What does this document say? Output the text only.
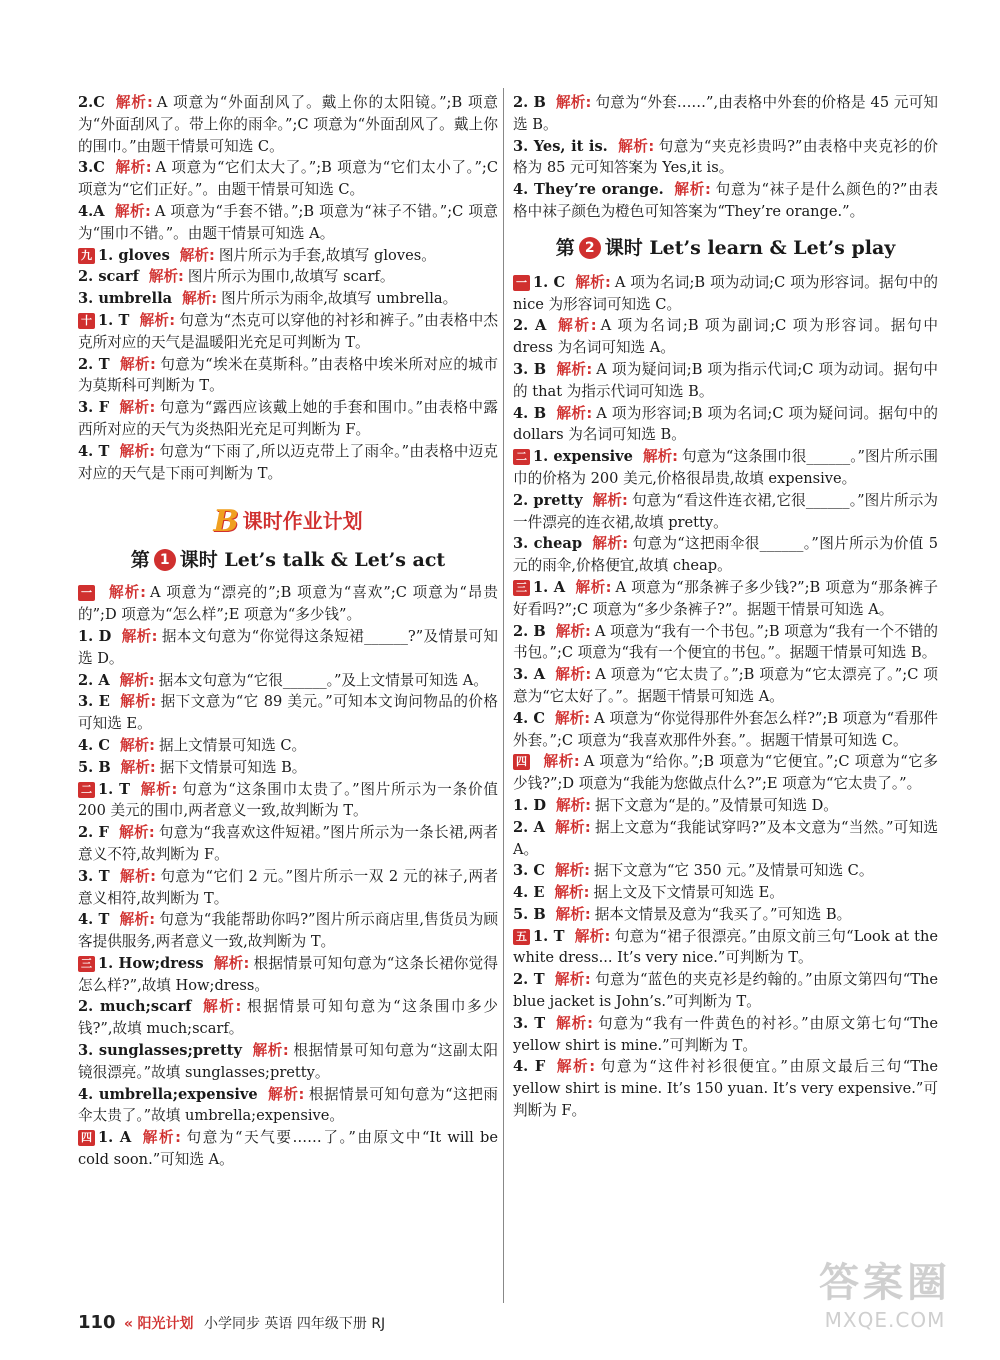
2.C 解析: A 项意为“外面刮风了。戴上你的太阳镜。”;B 项意为“外面刮风了。带上你的雨伞。”;C 项意为“外面刮风了。戴上你的围巾。”由题干情景可知选 C。

3.C 解析: A 项意为“它们太大了。”;B 项意为“它们太小了。”;C 项意为“它们正好。”。由题干情景可知选 C。

4.A 解析: A 项意为“手套不错。”;B 项意为“袜子不错。”;C 项意为“围巾不错。”。由题干情景可知选 A。

九 1. gloves 解析: 图片所示为手套,故填写 gloves。

2. scarf 解析: 图片所示为围巾,故填写 scarf。

3. umbrella 解析: 图片所示为雨伞,故填写 umbrella。

十 1. T 解析: 句意为“杰克可以穿他的衬衫和裤子。”由表格中杰克所对应的天气是温暖阳光充足可判断为 T。

2. T 解析: 句意为“埃米在莫斯科。”由表格中埃米所对应的城市为莫斯科可判断为 T。

3. F 解析: 句意为“露西应该戴上她的手套和围巾。”由表格中露西所对应的天气为炎热阳光充足可判断为 F。

4. T 解析: 句意为“下雨了,所以迈克带上了雨伞。”由表格中迈克对应的天气是下雨可判断为 T。

B课时作业计划
第 1 课时 Let’s talk & Let’s act

一 解析: A 项意为“漂亮的”;B 项意为“喜欢”;C 项意为“昂贵的”;D 项意为“怎么样”;E 项意为“多少钱”。

1. D 解析: 据本文句意为“你觉得这条短裙______?”及情景可知选 D。

2. A 解析: 据本文句意为“它很______。”及上文情景可知选 A。

3. E 解析: 据下文意为“它 89 美元。”可知本文询问物品的价格可知选 E。

4. C 解析: 据上文情景可知选 C。

5. B 解析: 据下文情景可知选 B。

二 1. T 解析: 句意为“这条围巾太贵了。”图片所示为一条价值 200 美元的围巾,两者意义一致,故判断为 T。

2. F 解析: 句意为“我喜欢这件短裙。”图片所示为一条长裙,两者意义不符,故判断为 F。

3. T 解析: 句意为“它们 2 元。”图片所示一双 2 元的袜子,两者意义相符,故判断为 T。

4. T 解析: 句意为“我能帮助你吗?”图片所示商店里,售货员为顾客提供服务,两者意义一致,故判断为 T。

三 1. How;dress 解析: 根据情景可知句意为“这条长裙你觉得怎么样?”,故填 How;dress。

2. much;scarf 解析: 根据情景可知句意为“这条围巾多少钱?”,故填 much;scarf。

3. sunglasses;pretty 解析: 根据情景可知句意为“这副太阳镜很漂亮。”故填 sunglasses;pretty。

4. umbrella;expensive 解析: 根据情景可知句意为“这把雨伞太贵了。”故填 umbrella;expensive。

四 1. A 解析: 句意为“天气要……了。”由原文中“It will be cold soon.”可知选 A。

2. B 解析: 句意为“外套……”,由表格中外套的价格是 45 元可知选 B。

3. Yes, it is. 解析: 句意为“夹克衫贵吗?”由表格中夹克衫的价格为 85 元可知答案为 Yes,it is。

4. They’re orange. 解析: 句意为“袜子是什么颜色的?”由表格中袜子颜色为橙色可知答案为“They’re orange.”。

第 2 课时 Let’s learn & Let’s play

一 1. C 解析: A 项为名词;B 项为动词;C 项为形容词。据句中的 nice 为形容词可知选 C。

2. A 解析: A 项为名词;B 项为副词;C 项为形容词。据句中 dress 为名词可知选 A。

3. B 解析: A 项为疑问词;B 项为指示代词;C 项为动词。据句中的 that 为指示代词可知选 B。

4. B 解析: A 项为形容词;B 项为名词;C 项为疑问词。据句中的 dollars 为名词可知选 B。

二 1. expensive 解析: 句意为“这条围巾很______。”图片所示围巾的价格为 200 美元,价格很昂贵,故填 expensive。

2. pretty 解析: 句意为“看这件连衣裙,它很______。”图片所示为一件漂亮的连衣裙,故填 pretty。

3. cheap 解析: 句意为“这把雨伞很______。”图片所示为价值 5 元的雨伞,价格便宜,故填 cheap。

三 1. A 解析: A 项意为“那条裤子多少钱?”;B 项意为“那条裤子好看吗?”;C 项意为“多少条裤子?”。据题干情景可知选 A。

2. B 解析: A 项意为“我有一个书包。”;B 项意为“我有一个不错的书包。”;C 项意为“我有一个便宜的书包。”。据题干情景可知选 B。

3. A 解析: A 项意为“它太贵了。”;B 项意为“它太漂亮了。”;C 项意为“它太好了。”。据题干情景可知选 A。

4. C 解析: A 项意为“你觉得那件外套怎么样?”;B 项意为“看那件外套。”;C 项意为“我喜欢那件外套。”。据题干情景可知选 C。

四 解析: A 项意为“给你。”;B 项意为“它便宜。”;C 项意为“它多少钱?”;D 项意为“我能为您做点什么?”;E 项意为“它太贵了。”。

1. D 解析: 据下文意为“是的。”及情景可知选 D。

2. A 解析: 据上文意为“我能试穿吗?”及本文意为“当然。”可知选 A。

3. C 解析: 据下文意为“它 350 元。”及情景可知选 C。

4. E 解析: 据上文及下文情景可知选 E。

5. B 解析: 据本文情景及意为“我买了。”可知选 B。

五 1. T 解析: 句意为“裙子很漂亮。”由原文前三句“Look at the white dress... It’s very nice.”可判断为 T。

2. T 解析: 句意为“蓝色的夹克衫是约翰的。”由原文第四句“The blue jacket is John’s.”可判断为 T。

3. T 解析: 句意为“我有一件黄色的衬衫。”由原文第七句“The yellow shirt is mine.”可判断为 T。

4. F 解析: 句意为“这件衬衫很便宜。”由原文最后三句“The yellow shirt is mine. It’s 150 yuan. It’s very expensive.”可判断为 F。

110 « 阳光计划 小学同步 英语 四年级下册 RJ
答案圈
MXQE.COM
